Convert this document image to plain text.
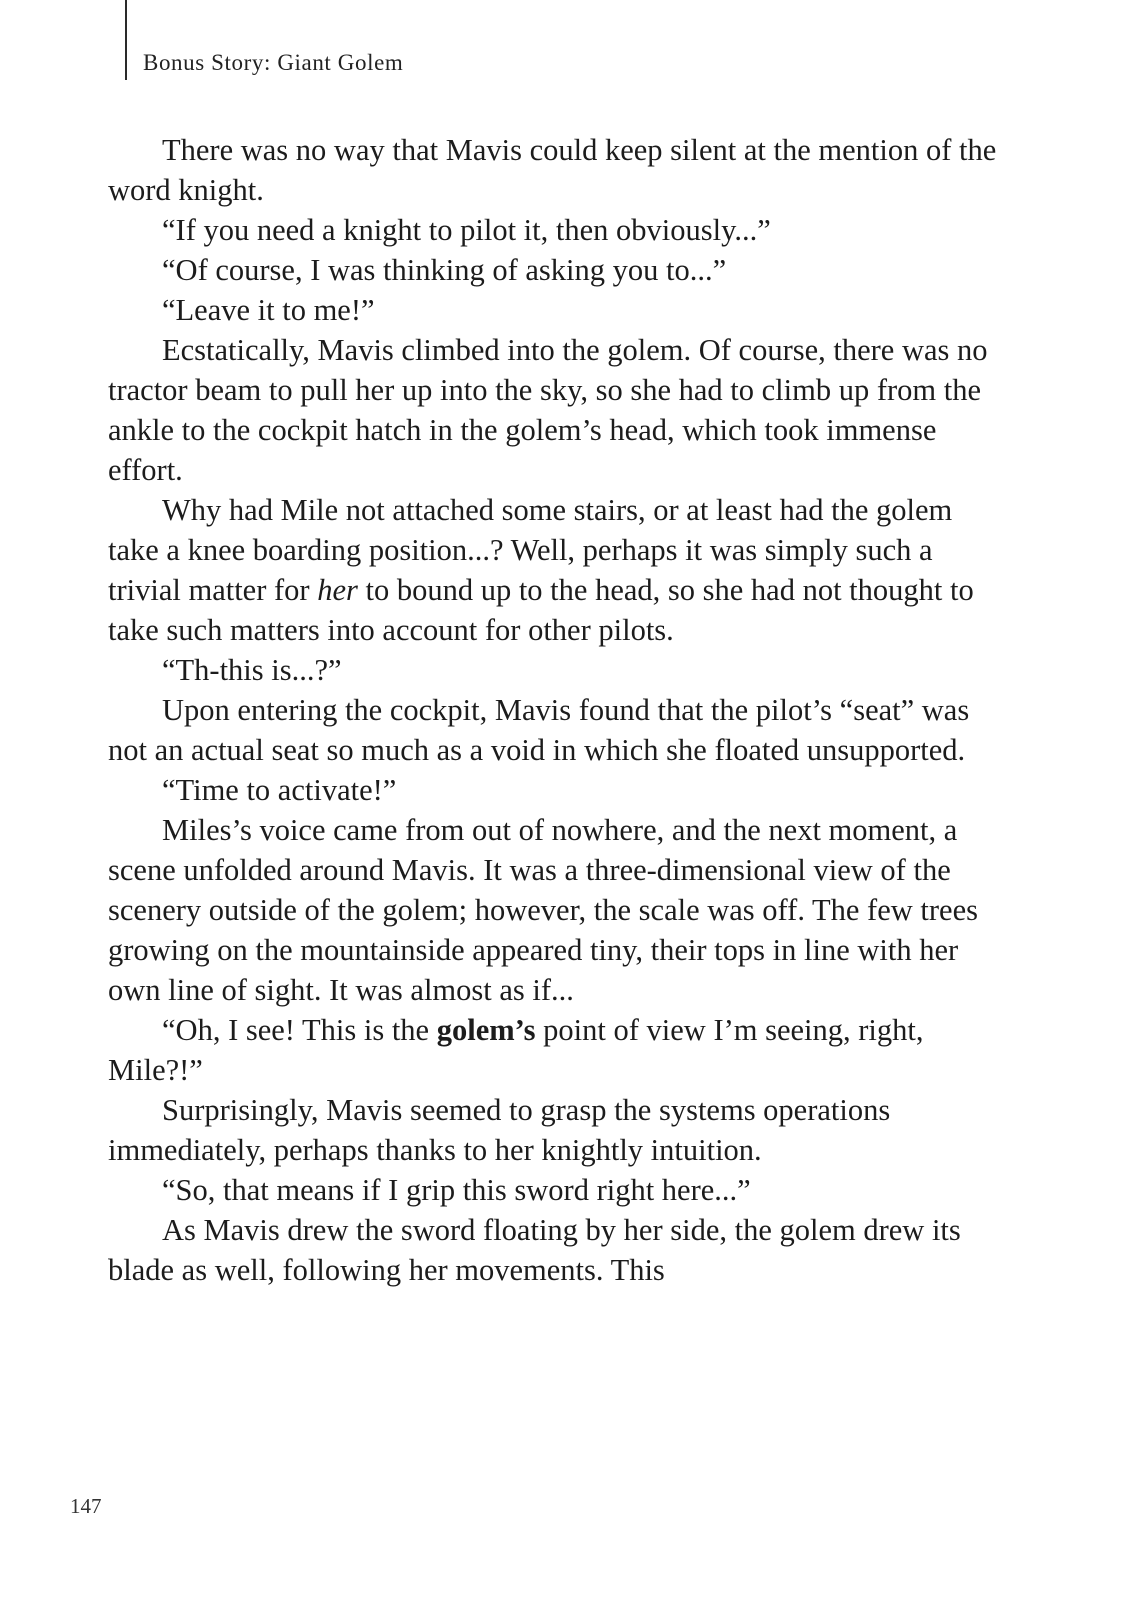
Bonus Story: Giant Golem

There was no way that Mavis could keep silent at the mention of the word knight.

“If you need a knight to pilot it, then obviously...”

“Of course, I was thinking of asking you to...”

“Leave it to me!”

Ecstatically, Mavis climbed into the golem. Of course, there was no tractor beam to pull her up into the sky, so she had to climb up from the ankle to the cockpit hatch in the golem’s head, which took immense effort.

Why had Mile not attached some stairs, or at least had the golem take a knee boarding position...? Well, perhaps it was simply such a trivial matter for her to bound up to the head, so she had not thought to take such matters into account for other pilots.

“Th-this is...?”

Upon entering the cockpit, Mavis found that the pilot’s “seat” was not an actual seat so much as a void in which she floated unsupported.

“Time to activate!”

Miles’s voice came from out of nowhere, and the next moment, a scene unfolded around Mavis. It was a three-dimensional view of the scenery outside of the golem; however, the scale was off. The few trees growing on the mountainside appeared tiny, their tops in line with her own line of sight. It was almost as if...

“Oh, I see! This is the golem’s point of view I’m seeing, right, Mile?!”

Surprisingly, Mavis seemed to grasp the systems operations immediately, perhaps thanks to her knightly intuition.

“So, that means if I grip this sword right here...”

As Mavis drew the sword floating by her side, the golem drew its blade as well, following her movements. This

147
